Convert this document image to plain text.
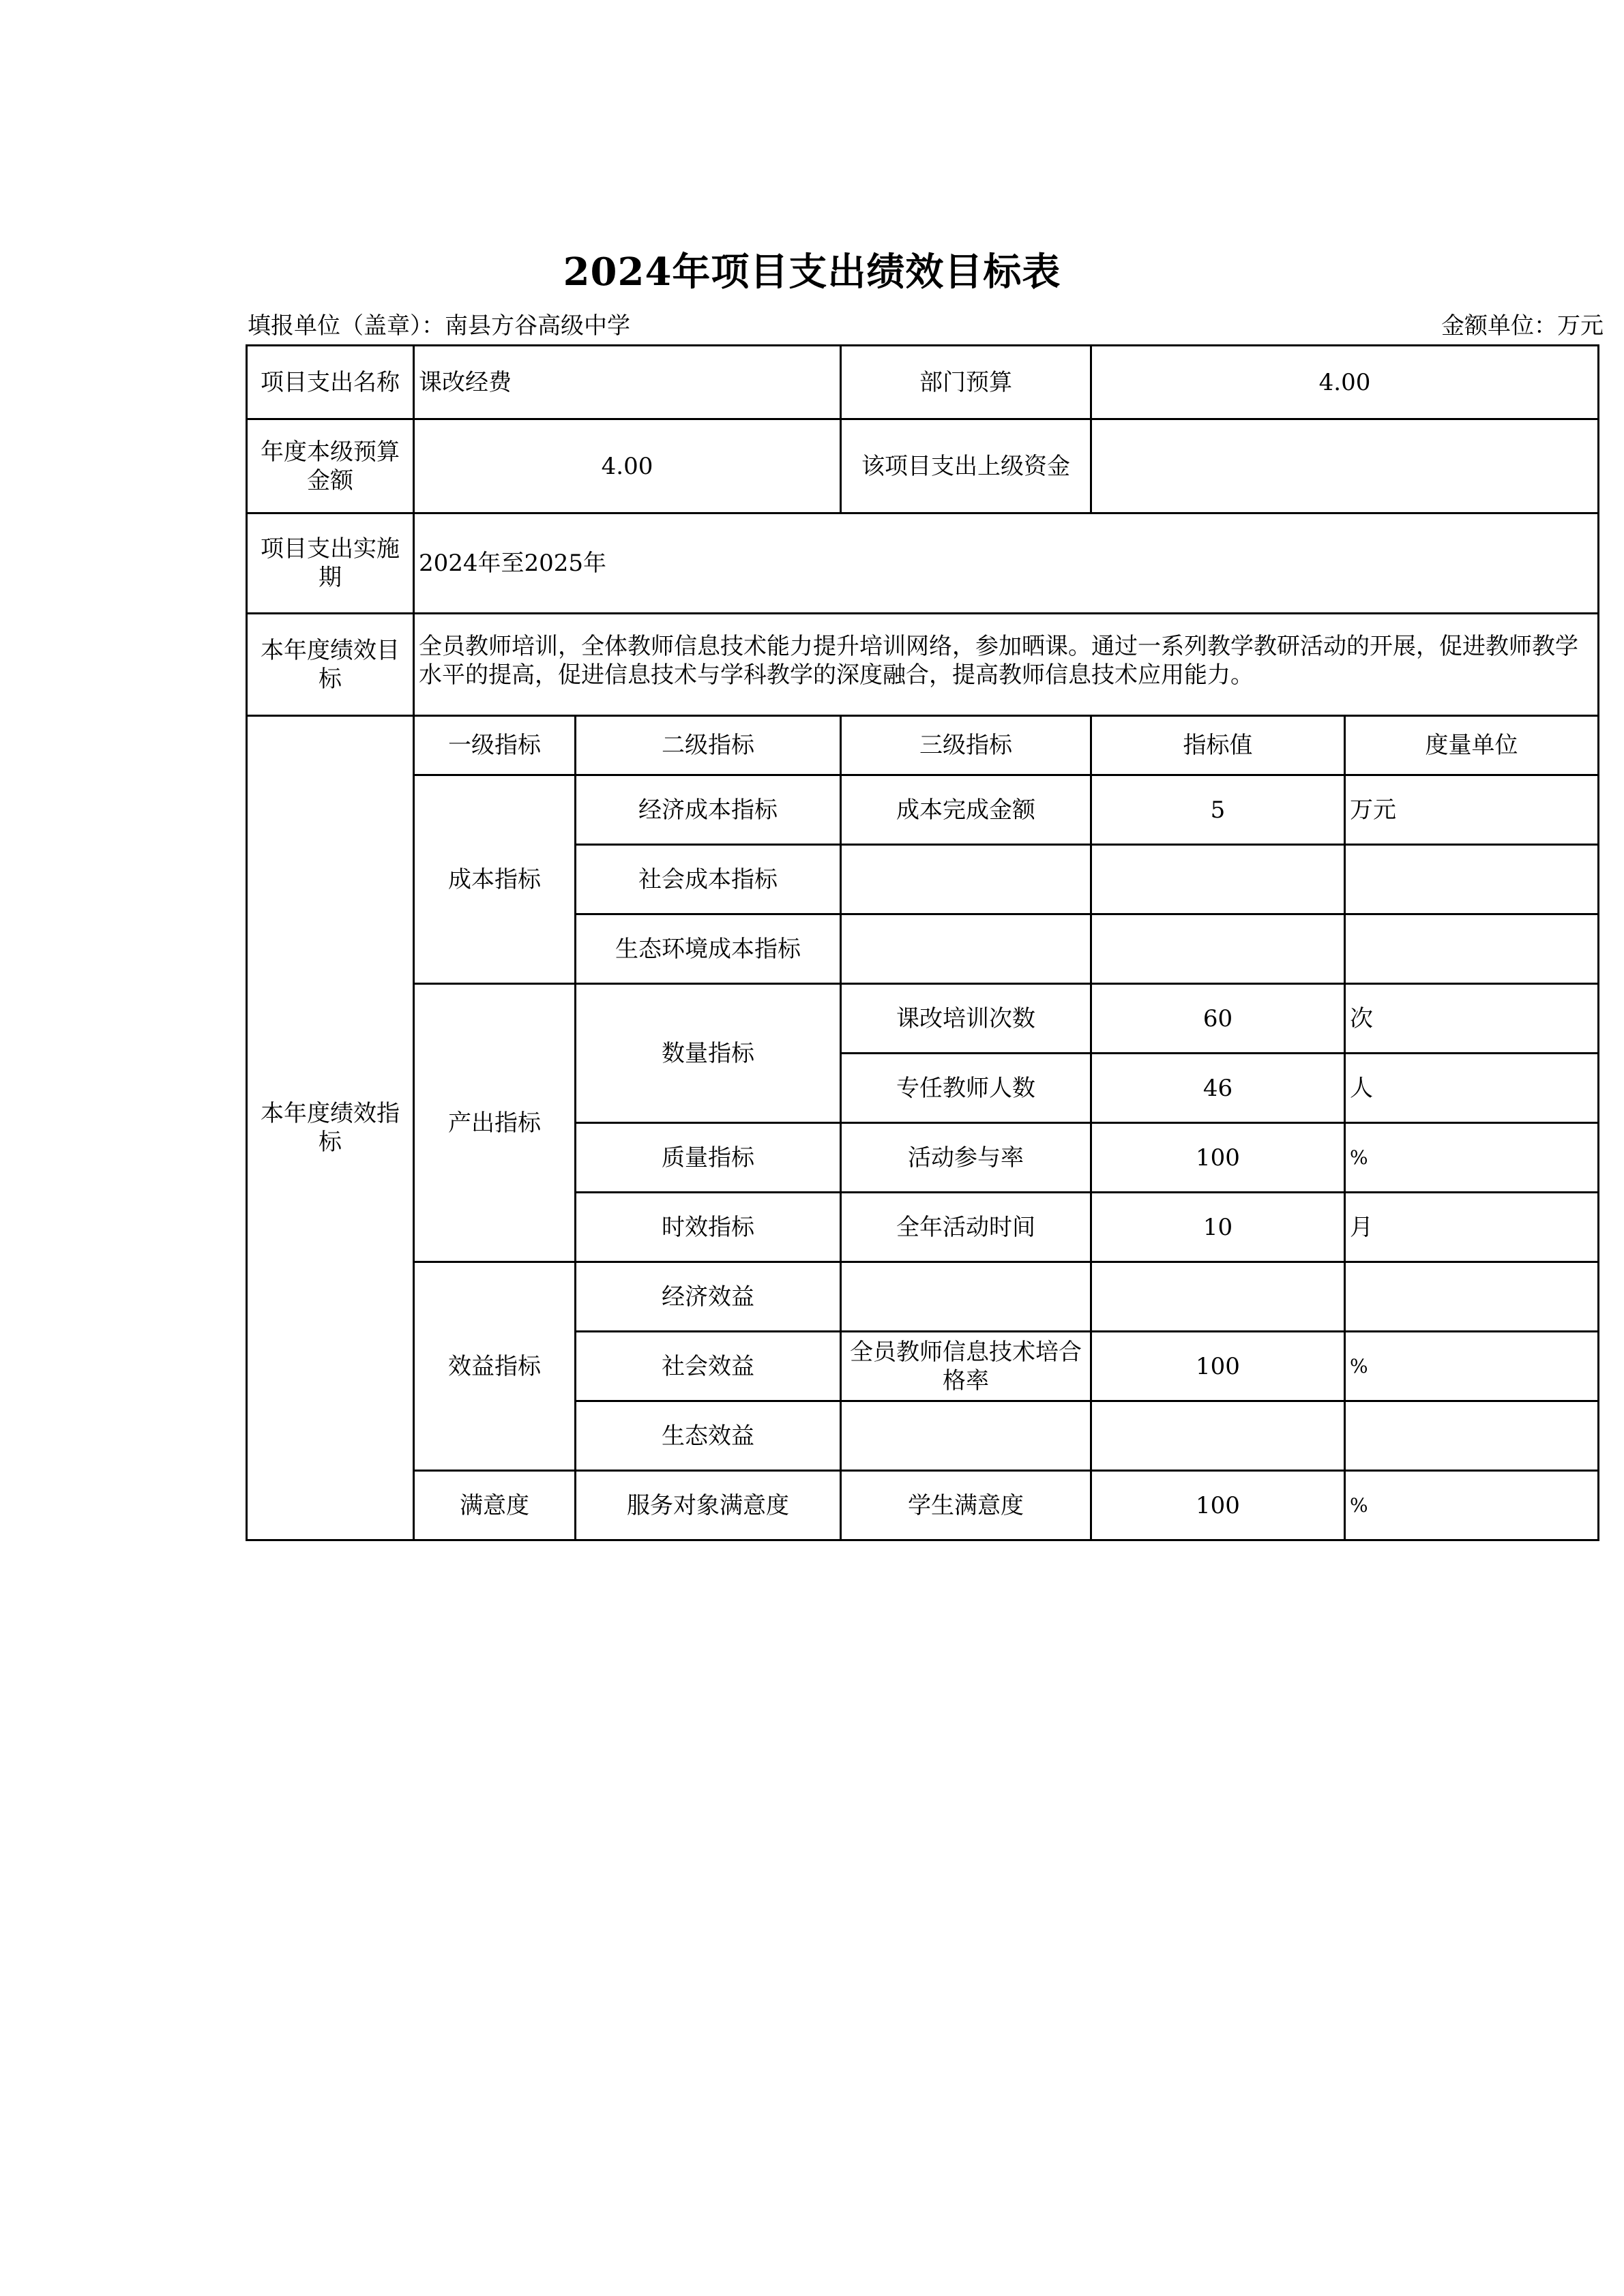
2024年项目支出绩效目标表
填报单位（盖章）：南县方谷高级中学	金额单位：万元
项目支出名称	课改经费		部门预算	4.00	
年度本级预算金额	4.00		该项目支出上级资金		
项目支出实施期	2024年至2025年				
本年度绩效目标	全员教师培训，全体教师信息技术能力提升培训网络，参加晒课。通过一系列教学教研活动的开展，促进教师教学水平的提高，促进信息技术与学科教学的深度融合，提高教师信息技术应用能力。				
本年度绩效指标	一级指标	二级指标	三级指标	指标值	度量单位
	成本指标	经济成本指标	成本完成金额	5	万元
		社会成本指标			
		生态环境成本指标			
	产出指标	数量指标	课改培训次数	60	次
			专任教师人数	46	人
		质量指标	活动参与率	100	%
		时效指标	全年活动时间	10	月
	效益指标	经济效益			
		社会效益	全员教师信息技术培合格率	100	%
		生态效益			
	满意度	服务对象满意度	学生满意度	100	%
